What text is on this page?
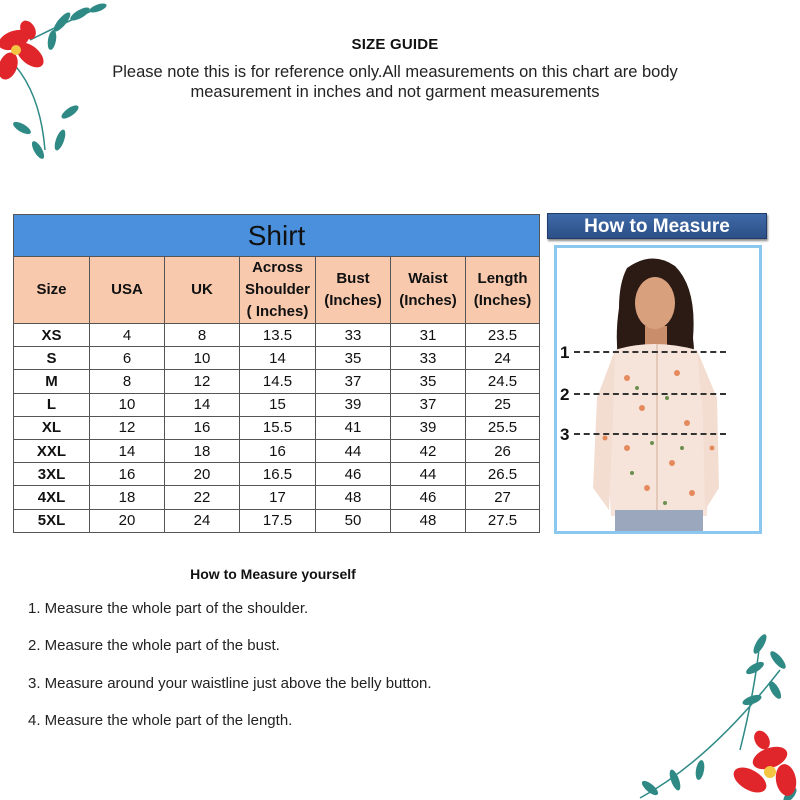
SIZE GUIDE
Please note this is for reference only.All measurements on this chart are body measurement in inches and not garment measurements
Shirt						
Size	USA	UK	Across Shoulder ( Inches)	Bust (Inches)	Waist (Inches)	Length (Inches)
XS	4	8	13.5	33	31	23.5
S	6	10	14	35	33	24
M	8	12	14.5	37	35	24.5
L	10	14	15	39	37	25
XL	12	16	15.5	41	39	25.5
XXL	14	18	16	44	42	26
3XL	16	20	16.5	46	44	26.5
4XL	18	22	17	48	46	27
5XL	20	24	17.5	50	48	27.5
How to Measure
1
2
3
How to Measure yourself
1. Measure the whole part of the shoulder.
2. Measure the whole part of the bust.
3. Measure around your waistline just above the belly button.
4. Measure the whole part of the length.
